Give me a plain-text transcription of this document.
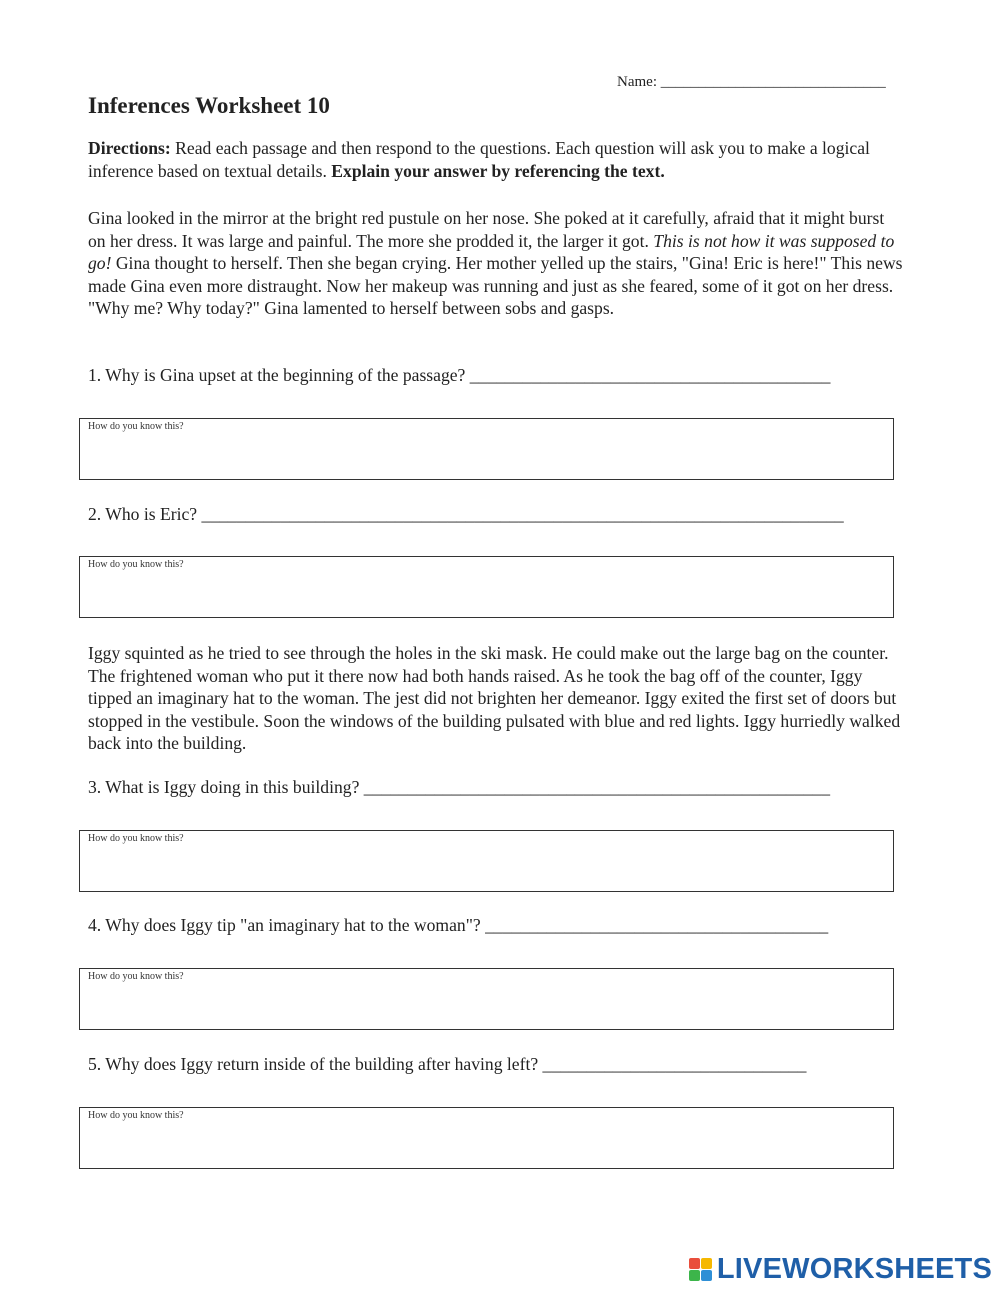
Name: ______________________________
Inferences Worksheet 10

Directions: Read each passage and then respond to the questions. Each question will ask you to make a logical inference based on textual details. Explain your answer by referencing the text.

Gina looked in the mirror at the bright red pustule on her nose. She poked at it carefully, afraid that it might burst on her dress. It was large and painful. The more she prodded it, the larger it got. This is not how it was supposed to go! Gina thought to herself. Then she began crying. Her mother yelled up the stairs, "Gina! Eric is here!" This news made Gina even more distraught. Now her makeup was running and just as she feared, some of it got on her dress. "Why me? Why today?" Gina lamented to herself between sobs and gasps.

1. Why is Gina upset at the beginning of the passage? _________________________________________
How do you know this?
2. Who is Eric? _________________________________________________________________________
How do you know this?

Iggy squinted as he tried to see through the holes in the ski mask. He could make out the large bag on the counter. The frightened woman who put it there now had both hands raised. As he took the bag off of the counter, Iggy tipped an imaginary hat to the woman. The jest did not brighten her demeanor. Iggy exited the first set of doors but stopped in the vestibule. Soon the windows of the building pulsated with blue and red lights. Iggy hurriedly walked back into the building.

3. What is Iggy doing in this building? _____________________________________________________
How do you know this?
4. Why does Iggy tip "an imaginary hat to the woman"? _______________________________________
How do you know this?
5. Why does Iggy return inside of the building after having left? ______________________________
How do you know this?
LIVEWORKSHEETS
